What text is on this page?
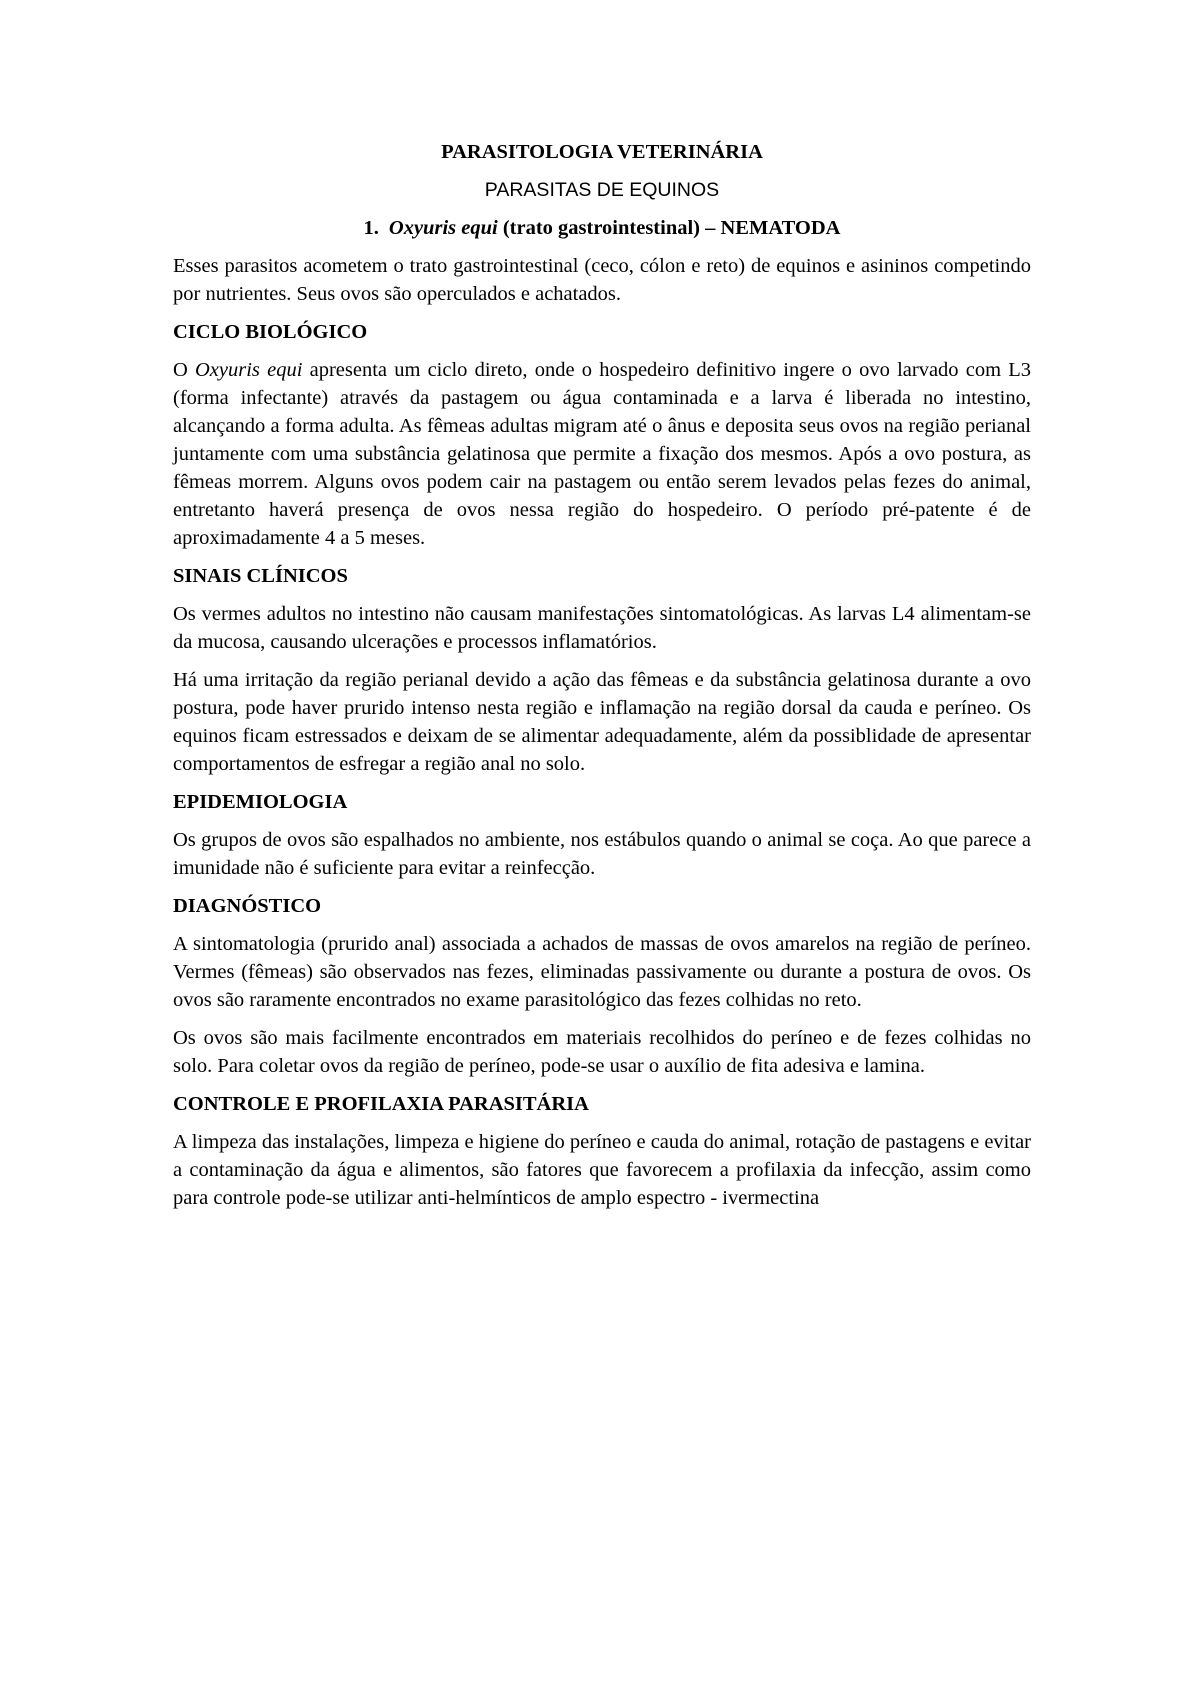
PARASITOLOGIA VETERINÁRIA
PARASITAS DE EQUINOS
1. Oxyuris equi (trato gastrointestinal) – NEMATODA

Esses parasitos acometem o trato gastrointestinal (ceco, cólon e reto) de equinos e asininos competindo por nutrientes. Seus ovos são operculados e achatados.

CICLO BIOLÓGICO

O Oxyuris equi apresenta um ciclo direto, onde o hospedeiro definitivo ingere o ovo larvado com L3 (forma infectante) através da pastagem ou água contaminada e a larva é liberada no intestino, alcançando a forma adulta. As fêmeas adultas migram até o ânus e deposita seus ovos na região perianal juntamente com uma substância gelatinosa que permite a fixação dos mesmos. Após a ovo postura, as fêmeas morrem. Alguns ovos podem cair na pastagem ou então serem levados pelas fezes do animal, entretanto haverá presença de ovos nessa região do hospedeiro. O período pré-patente é de aproximadamente 4 a 5 meses.

SINAIS CLÍNICOS

Os vermes adultos no intestino não causam manifestações sintomatológicas. As larvas L4 alimentam-se da mucosa, causando ulcerações e processos inflamatórios.

Há uma irritação da região perianal devido a ação das fêmeas e da substância gelatinosa durante a ovo postura, pode haver prurido intenso nesta região e inflamação na região dorsal da cauda e períneo. Os equinos ficam estressados e deixam de se alimentar adequadamente, além da possiblidade de apresentar comportamentos de esfregar a região anal no solo.

EPIDEMIOLOGIA

Os grupos de ovos são espalhados no ambiente, nos estábulos quando o animal se coça. Ao que parece a imunidade não é suficiente para evitar a reinfecção.

DIAGNÓSTICO

A sintomatologia (prurido anal) associada a achados de massas de ovos amarelos na região de períneo. Vermes (fêmeas) são observados nas fezes, eliminadas passivamente ou durante a postura de ovos. Os ovos são raramente encontrados no exame parasitológico das fezes colhidas no reto.

Os ovos são mais facilmente encontrados em materiais recolhidos do períneo e de fezes colhidas no solo. Para coletar ovos da região de períneo, pode-se usar o auxílio de fita adesiva e lamina.

CONTROLE E PROFILAXIA PARASITÁRIA

A limpeza das instalações, limpeza e higiene do períneo e cauda do animal, rotação de pastagens e evitar a contaminação da água e alimentos, são fatores que favorecem a profilaxia da infecção, assim como para controle pode-se utilizar anti-helmínticos de amplo espectro - ivermectina
